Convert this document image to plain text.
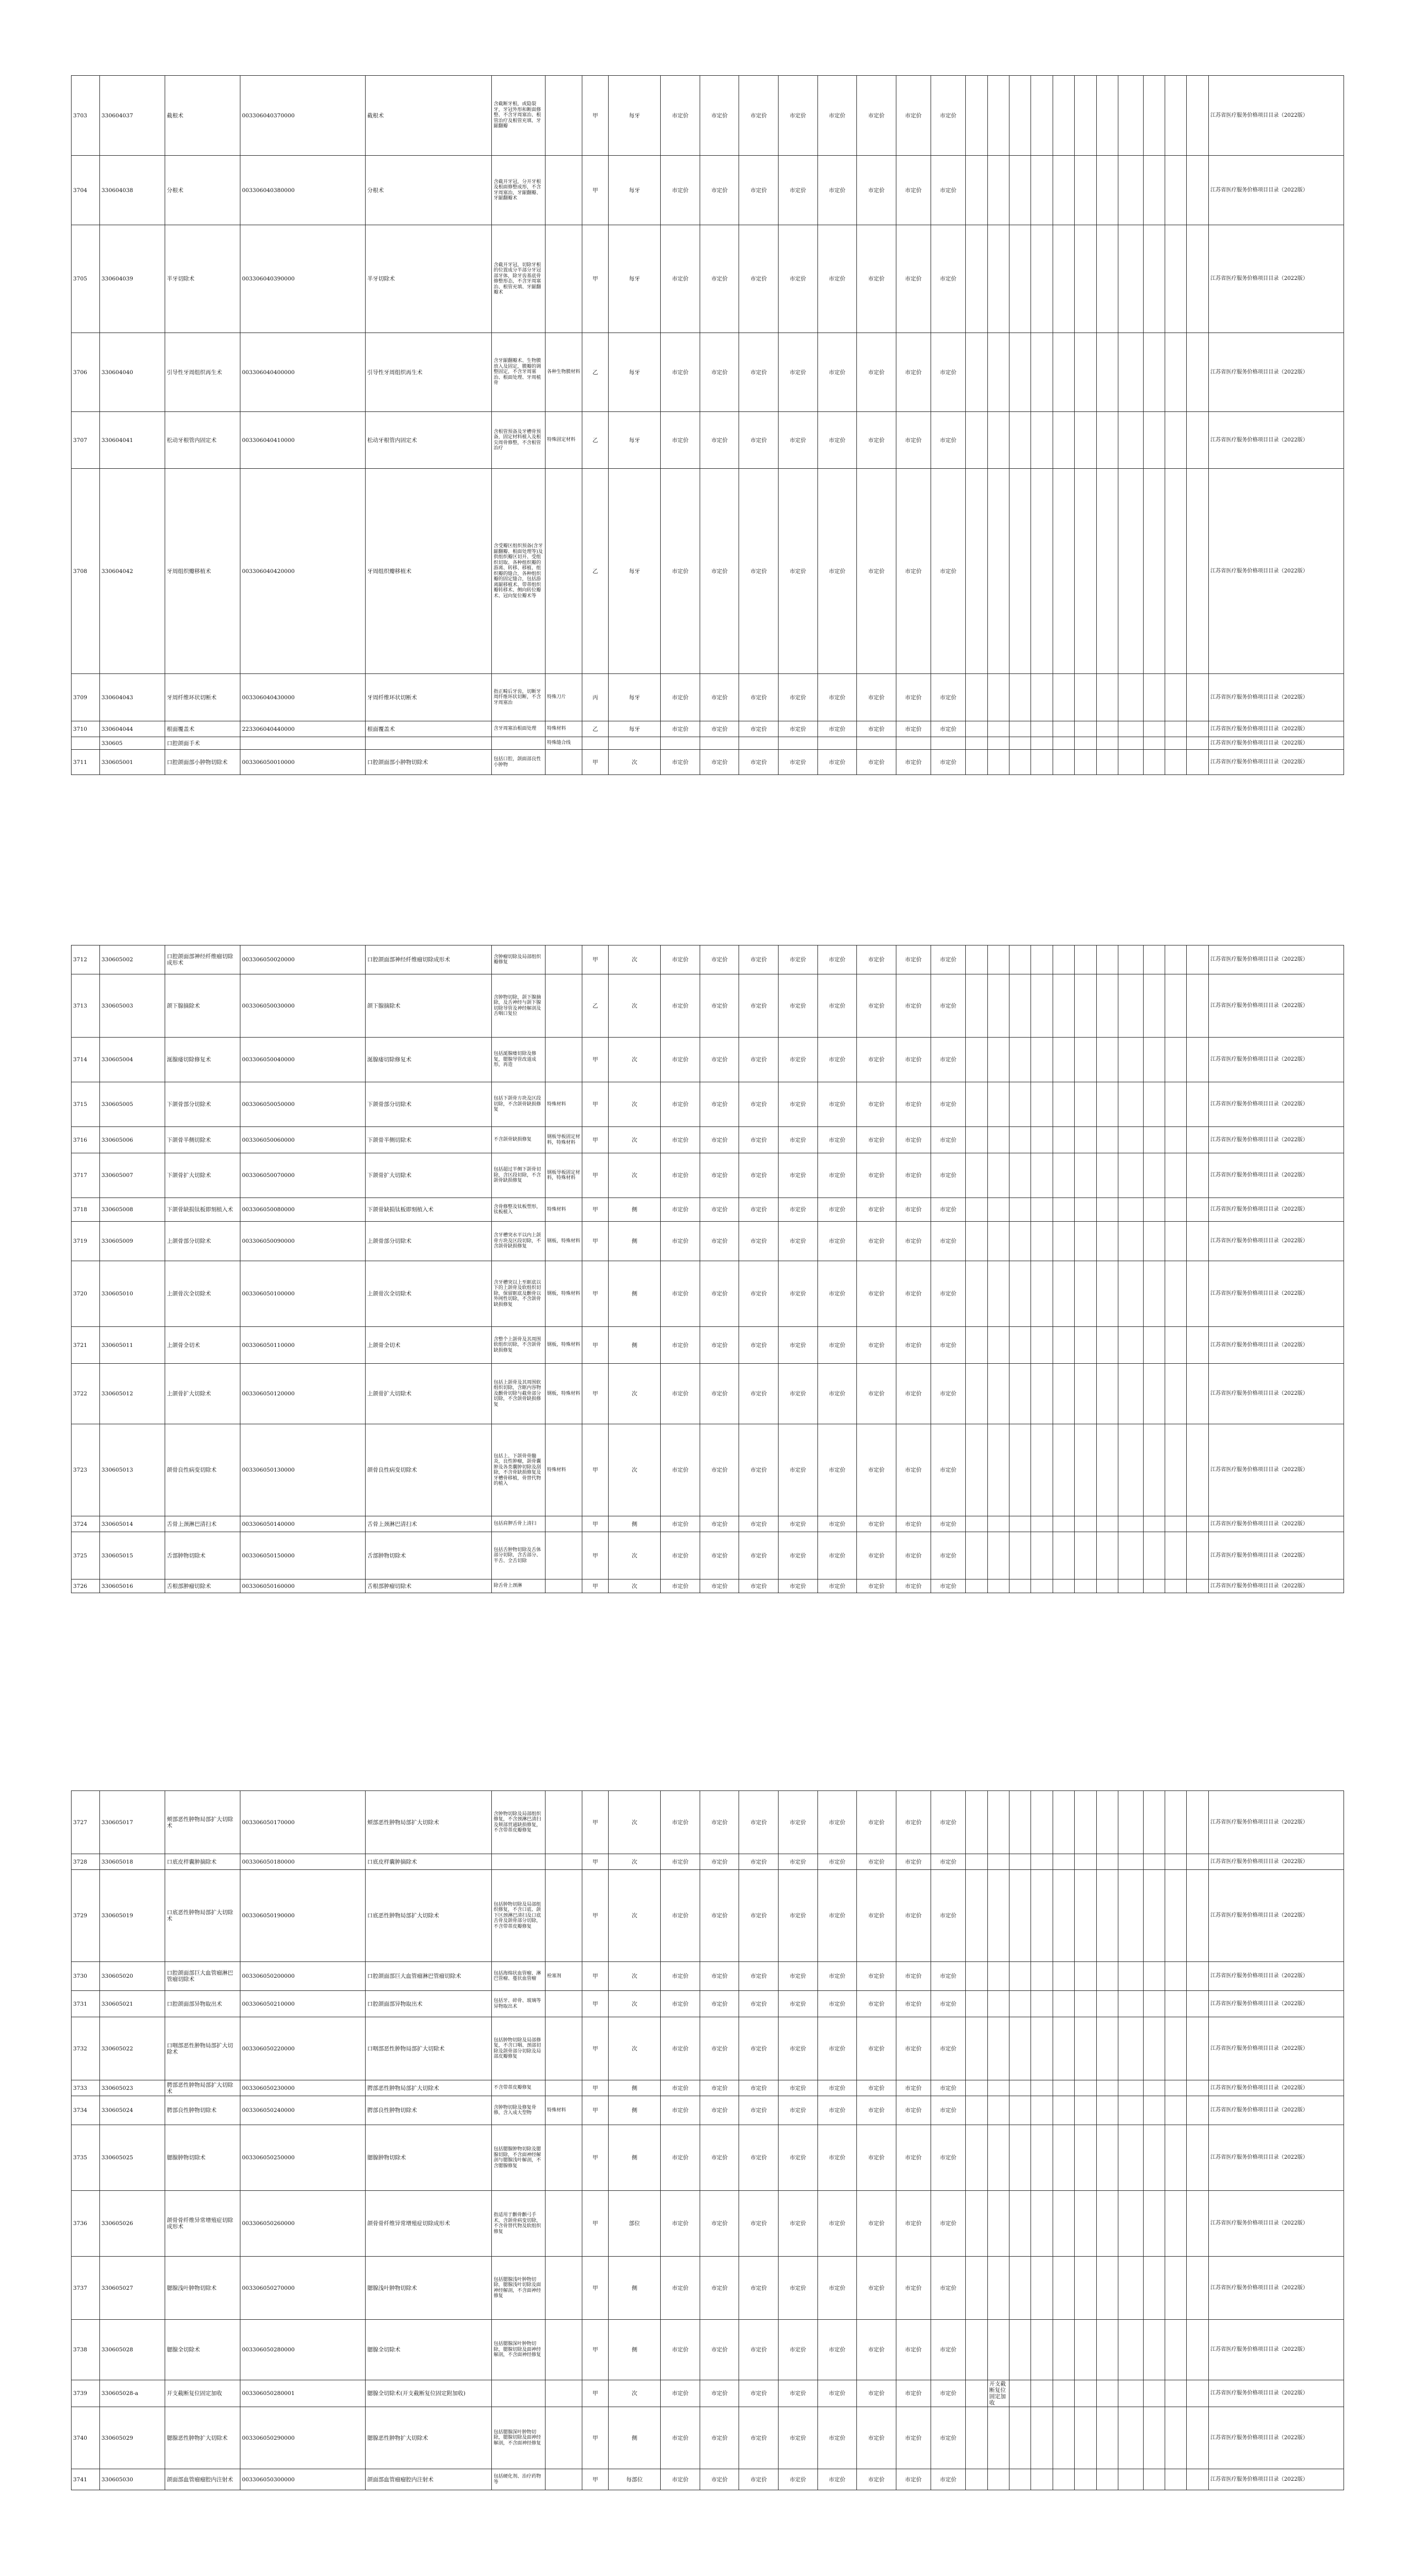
3703	330604037	截根术	003306040370000	截根术	含截断牙根，或隐裂牙，牙冠外形和断面修整、不含牙周塞治、根管治疗及根管充填、牙龈翻瓣		甲	每牙	市定价	市定价	市定价	市定价	市定价	市定价	市定价	市定价												江苏省医疗服务价格项目目录（2022版）
3704	330604038	分根术	003306040380000	分根术	含截开牙冠，分开牙根及根面修整成形，不含牙周塞治，牙龈翻瓣、牙龈翻瓣术		甲	每牙	市定价	市定价	市定价	市定价	市定价	市定价	市定价	市定价												江苏省医疗服务价格项目目录（2022版）
3705	330604039	半牙切除术	003306040390000	半牙切除术	含截开牙冠，切除牙根的位置成分半部分牙冠部牙体，除牙齿基底骨修整形态，不含牙周塞治、根管充填、牙龈翻瓣术		甲	每牙	市定价	市定价	市定价	市定价	市定价	市定价	市定价	市定价												江苏省医疗服务价格项目目录（2022版）
3706	330604040	引导性牙周组织再生术	003306040400000	引导性牙周组织再生术	含牙龈翻瓣术、生物膜放入及固定，膜瓣的调整固定，不含牙周塞治、根面处理、牙周植骨	各种生物膜材料	乙	每牙	市定价	市定价	市定价	市定价	市定价	市定价	市定价	市定价												江苏省医疗服务价格项目目录（2022版）
3707	330604041	松动牙根管内固定术	003306040410000	松动牙根管内固定术	含根管预备及牙槽骨预备，固定材料植入及根尖周骨修整，不含根管治疗	特殊固定材料	乙	每牙	市定价	市定价	市定价	市定价	市定价	市定价	市定价	市定价												江苏省医疗服务价格项目目录（2022版）
3708	330604042	牙周组织瓣移植术	003306040420000	牙周组织瓣移植术	含受瓣区组织预备(含牙龈翻瓣、根面处理等)及供组织瓣区切开、受组织切取、各种组织瓣的游离、转移、移植、组织瓣的缝合，各种组织瓣的固定缝合，包括游离龈移植术、带蒂组织瓣转移术、侧向转位瓣术、冠向复位瓣术等		乙	每牙	市定价	市定价	市定价	市定价	市定价	市定价	市定价	市定价												江苏省医疗服务价格项目目录（2022版）
3709	330604043	牙周纤维环状切断术	003306040430000	牙周纤维环状切断术	指正畸后牙齿，切断牙周纤维环状切断，不含牙周塞治	特殊刀片	丙	每牙	市定价	市定价	市定价	市定价	市定价	市定价	市定价	市定价												江苏省医疗服务价格项目目录（2022版）
3710	330604044	根面覆盖术	223306040440000	根面覆盖术	含牙周塞治根面处理	特殊材料	乙	每牙	市定价	市定价	市定价	市定价	市定价	市定价	市定价	市定价												江苏省医疗服务价格项目目录（2022版）
	330605	口腔颌面手术				特殊缝合线																						江苏省医疗服务价格项目目录（2022版）
3711	330605001	口腔颌面部小肿物切除术	003306050010000	口腔颌面部小肿物切除术	包括口腔，颌面部良性小肿物		甲	次	市定价	市定价	市定价	市定价	市定价	市定价	市定价	市定价												江苏省医疗服务价格项目目录（2022版）
3712	330605002	口腔颌面部神经纤维瘤切除成形术	003306050020000	口腔颌面部神经纤维瘤切除成形术	含肿瘤切除及局部组织瓣修复		甲	次	市定价	市定价	市定价	市定价	市定价	市定价	市定价	市定价												江苏省医疗服务价格项目目录（2022版）
3713	330605003	颌下腺摘除术	003306050030000	颌下腺摘除术	含肿物切除，颌下腺摘除，及舌神经与颌下腺切除导管及神经解剖及舌咽口复位		乙	次	市定价	市定价	市定价	市定价	市定价	市定价	市定价	市定价												江苏省医疗服务价格项目目录（2022版）
3714	330605004	涎腺瘘切除修复术	003306050040000	涎腺瘘切除修复术	包括涎腺瘘切除及修复，腮腺导管改道成形，再造		甲	次	市定价	市定价	市定价	市定价	市定价	市定价	市定价	市定价												江苏省医疗服务价格项目目录（2022版）
3715	330605005	下颌骨部分切除术	003306050050000	下颌骨部分切除术	包括下颌骨方块及区段切除，不含颌骨缺损修复	特殊材料	甲	次	市定价	市定价	市定价	市定价	市定价	市定价	市定价	市定价												江苏省医疗服务价格项目目录（2022版）
3716	330605006	下颌骨半侧切除术	003306050060000	下颌骨半侧切除术	不含颌骨缺损修复	钢板导板固定材料，特殊材料	甲	次	市定价	市定价	市定价	市定价	市定价	市定价	市定价	市定价												江苏省医疗服务价格项目目录（2022版）
3717	330605007	下颌骨扩大切除术	003306050070000	下颌骨扩大切除术	包括超过半侧下颌骨切除，含区段切除，不含颌骨缺损修复	钢板导板固定材料，特殊材料	甲	次	市定价	市定价	市定价	市定价	市定价	市定价	市定价	市定价												江苏省医疗服务价格项目目录（2022版）
3718	330605008	下颌骨缺损钛板即刻植入术	003306050080000	下颌骨缺损钛板即刻植入术	含骨修整及钛板塑形，钛板植入	特殊材料	甲	侧	市定价	市定价	市定价	市定价	市定价	市定价	市定价	市定价												江苏省医疗服务价格项目目录（2022版）
3719	330605009	上颌骨部分切除术	003306050090000	上颌骨部分切除术	含牙槽突水平以内上颌骨方块及区段切除，不含颌骨缺损修复	钢板，特殊材料	甲	侧	市定价	市定价	市定价	市定价	市定价	市定价	市定价	市定价												江苏省医疗服务价格项目目录（2022版）
3720	330605010	上颌骨次全切除术	003306050100000	上颌骨次全切除术	含牙槽突以上至眶底以下的上颌骨及软组织切除，保留眶底及颧骨以外网性切除，不含颌骨缺损修复	钢板，特殊材料	甲	侧	市定价	市定价	市定价	市定价	市定价	市定价	市定价	市定价												江苏省医疗服务价格项目目录（2022版）
3721	330605011	上颌骨全切术	003306050110000	上颌骨全切术	含整个上颌骨及其周围软组织切除，不含颌骨缺损修复	钢板，特殊材料	甲	侧	市定价	市定价	市定价	市定价	市定价	市定价	市定价	市定价												江苏省医疗服务价格项目目录（2022版）
3722	330605012	上颌骨扩大切除术	003306050120000	上颌骨扩大切除术	包括上颌骨及其周围软组织切除，含眶内容物及颧骨切除与截骨部分切除，不含颌骨缺损修复	钢板，特殊材料	甲	次	市定价	市定价	市定价	市定价	市定价	市定价	市定价	市定价												江苏省医疗服务价格项目目录（2022版）
3723	330605013	颌骨良性病变切除术	003306050130000	颌骨良性病变切除术	包括上、下颌骨骨髓炎，良性肿瘤，颌骨囊肿及各类囊肿切除及刮除，不含骨缺损修复及牙槽骨移植，骨替代物的植入	特殊材料	甲	次	市定价	市定价	市定价	市定价	市定价	市定价	市定价	市定价												江苏省医疗服务价格项目目录（2022版）
3724	330605014	舌骨上颈淋巴清扫术	003306050140000	舌骨上颈淋巴清扫术	包括肩胛舌骨上清扫		甲	侧	市定价	市定价	市定价	市定价	市定价	市定价	市定价	市定价												江苏省医疗服务价格项目目录（2022版）
3725	330605015	舌部肿物切除术	003306050150000	舌部肿物切除术	包括舌肿物切除及舌体部分切除，含舌部分、半舌、全舌切除		甲	次	市定价	市定价	市定价	市定价	市定价	市定价	市定价	市定价												江苏省医疗服务价格项目目录（2022版）
3726	330605016	舌根部肿瘤切除术	003306050160000	舌根部肿瘤切除术	除舌骨上颈淋		甲	次	市定价	市定价	市定价	市定价	市定价	市定价	市定价	市定价												江苏省医疗服务价格项目目录（2022版）
3727	330605017	颊部恶性肿物局部扩大切除术	003306050170000	颊部恶性肿物局部扩大切除术	含肿物切除及局部组织修复，不含颈淋巴清扫及颊部贯通缺损修复，不含带蒂皮瓣修复		甲	次	市定价	市定价	市定价	市定价	市定价	市定价	市定价	市定价												江苏省医疗服务价格项目目录（2022版）
3728	330605018	口底皮样囊肿摘除术	003306050180000	口底皮样囊肿摘除术			甲	次	市定价	市定价	市定价	市定价	市定价	市定价	市定价	市定价												江苏省医疗服务价格项目目录（2022版）
3729	330605019	口底恶性肿物局部扩大切除术	003306050190000	口底恶性肿物局部扩大切除术	包括肿物切除及局部组织修复，不含口底、颌下区颈淋巴清扫及口底舌骨及颌骨部分切除，不含带蒂皮瓣修复		甲	次	市定价	市定价	市定价	市定价	市定价	市定价	市定价	市定价												江苏省医疗服务价格项目目录（2022版）
3730	330605020	口腔颌面部巨大血管瘤淋巴管瘤切除术	003306050200000	口腔颌面部巨大血管瘤淋巴管瘤切除术	包括海绵状血管瘤、淋巴管瘤、蔓状血管瘤	栓塞剂	甲	次	市定价	市定价	市定价	市定价	市定价	市定价	市定价	市定价												江苏省医疗服务价格项目目录（2022版）
3731	330605021	口腔颌面部异物取出术	003306050210000	口腔颌面部异物取出术	包括牙、碎骨、玻璃等异物取出术		甲	次	市定价	市定价	市定价	市定价	市定价	市定价	市定价	市定价												江苏省医疗服务价格项目目录（2022版）
3732	330605022	口咽部恶性肿物局部扩大切除术	003306050220000	口咽部恶性肿物局部扩大切除术	包括肿物切除及局部修复，不含口咽、颈部切除及颌骨部分切除及局部皮瓣修复		甲	次	市定价	市定价	市定价	市定价	市定价	市定价	市定价	市定价												江苏省医疗服务价格项目目录（2022版）
3733	330605023	腭部恶性肿物局部扩大切除术	003306050230000	腭部恶性肿物局部扩大切除术	不含带蒂皮瓣修复		甲	侧	市定价	市定价	市定价	市定价	市定价	市定价	市定价	市定价												江苏省医疗服务价格项目目录（2022版）
3734	330605024	腭部良性肿物切除术	003306050240000	腭部良性肿物切除术	含肿物切除及修复骨修，含入成大型物	特殊材料	甲	侧	市定价	市定价	市定价	市定价	市定价	市定价	市定价	市定价												江苏省医疗服务价格项目目录（2022版）
3735	330605025	腮腺肿物切除术	003306050250000	腮腺肿物切除术	包括腮腺肿物切除及腮腺切除，不含面神经解剖与腮腺浅叶解剖，不含腮腺修复		甲	侧	市定价	市定价	市定价	市定价	市定价	市定价	市定价	市定价												江苏省医疗服务价格项目目录（2022版）
3736	330605026	颌骨骨纤维异常增殖症切除成形术	003306050260000	颌骨骨纤维异常增殖症切除成形术	指适用于颧骨颧弓手术，含颌骨病变切除，不含骨替代物及软组织修复		甲	部位	市定价	市定价	市定价	市定价	市定价	市定价	市定价	市定价												江苏省医疗服务价格项目目录（2022版）
3737	330605027	腮腺浅叶肿物切除术	003306050270000	腮腺浅叶肿物切除术	包括腮腺浅叶肿物切除，腮腺浅叶切除及面神经解剖，不含面神经修复		甲	侧	市定价	市定价	市定价	市定价	市定价	市定价	市定价	市定价												江苏省医疗服务价格项目目录（2022版）
3738	330605028	腮腺全切除术	003306050280000	腮腺全切除术	包括腮腺深叶肿物切除，腮腺切除及面神经解剖，不含面神经修复		甲	侧	市定价	市定价	市定价	市定价	市定价	市定价	市定价	市定价												江苏省医疗服务价格项目目录（2022版）
3739	330605028-a	开支截断复位固定加收	003306050280001	腮腺全切除术(开支截断复位固定附加收)			甲	次	市定价	市定价	市定价	市定价	市定价	市定价	市定价	市定价		开支截断复位固定加收										江苏省医疗服务价格项目目录（2022版）
3740	330605029	腮腺恶性肿物扩大切除术	003306050290000	腮腺恶性肿物扩大切除术	包括腮腺深叶肿物切除，腮腺切除及面神经解剖，不含面神经修复		甲	侧	市定价	市定价	市定价	市定价	市定价	市定价	市定价	市定价												江苏省医疗服务价格项目目录（2022版）
3741	330605030	颌面部血管瘤瘤腔内注射术	003306050300000	颌面部血管瘤瘤腔内注射术	包括硬化剂、治疗药物等		甲	每部位	市定价	市定价	市定价	市定价	市定价	市定价	市定价	市定价												江苏省医疗服务价格项目目录（2022版）
